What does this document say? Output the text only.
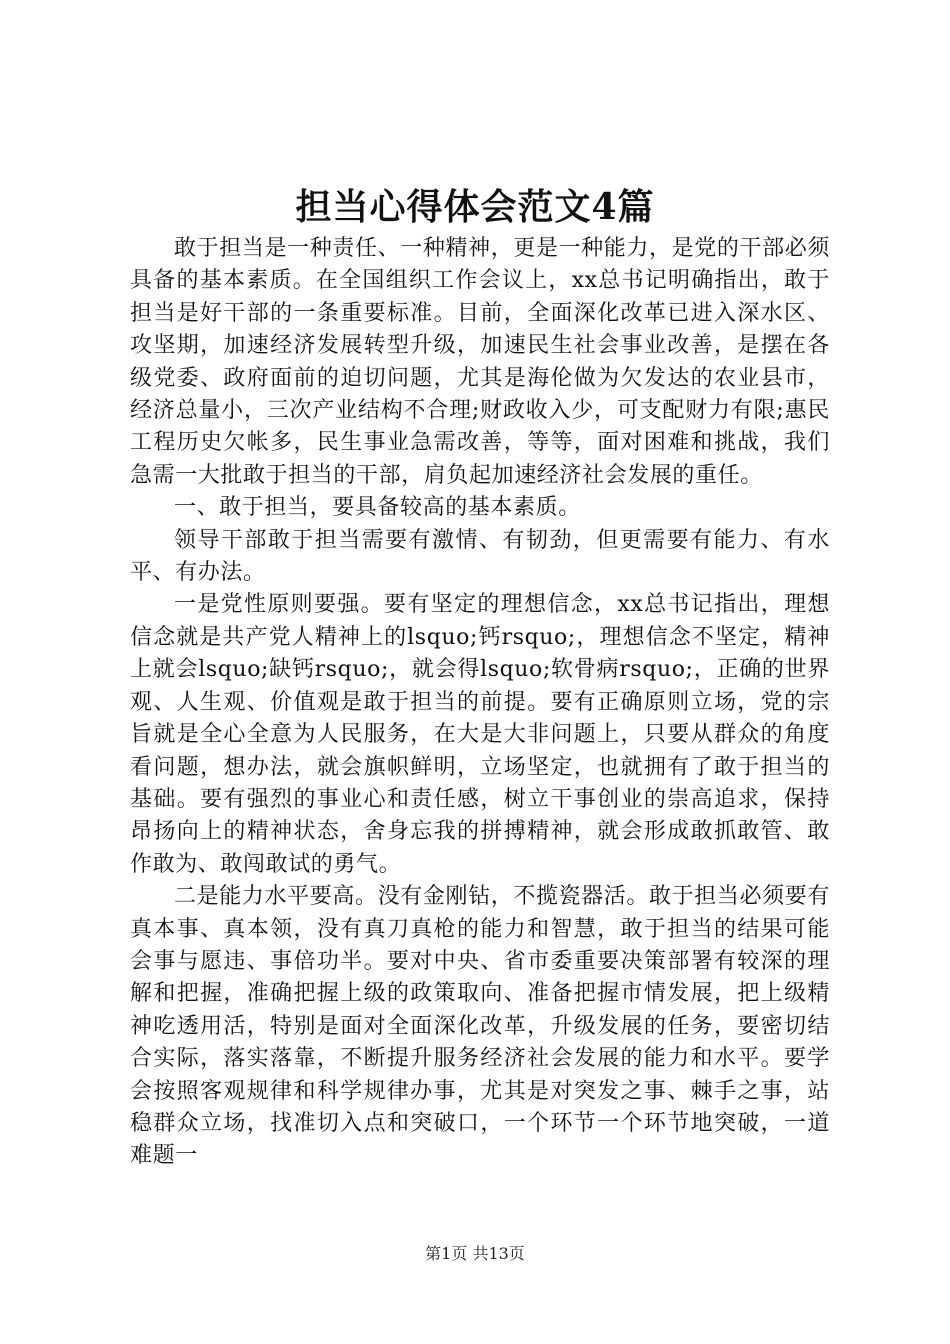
担当心得体会范文4篇

敢于担当是一种责任、一种精神，更是一种能力，是党的干部必须具备的基本素质。在全国组织工作会议上，xx总书记明确指出，敢于担当是好干部的一条重要标准。目前，全面深化改革已进入深水区、攻坚期，加速经济发展转型升级，加速民生社会事业改善，是摆在各级党委、政府面前的迫切问题，尤其是海伦做为欠发达的农业县市，经济总量小，三次产业结构不合理;财政收入少，可支配财力有限;惠民工程历史欠帐多，民生事业急需改善，等等，面对困难和挑战，我们急需一大批敢于担当的干部，肩负起加速经济社会发展的重任。

一、敢于担当，要具备较高的基本素质。

领导干部敢于担当需要有激情、有韧劲，但更需要有能力、有水平、有办法。

一是党性原则要强。要有坚定的理想信念，xx总书记指出，理想信念就是共产党人精神上的lsquo;钙rsquo;，理想信念不坚定，精神上就会lsquo;缺钙rsquo;，就会得lsquo;软骨病rsquo;，正确的世界观、人生观、价值观是敢于担当的前提。要有正确原则立场，党的宗旨就是全心全意为人民服务，在大是大非问题上，只要从群众的角度看问题，想办法，就会旗帜鲜明，立场坚定，也就拥有了敢于担当的基础。要有强烈的事业心和责任感，树立干事创业的崇高追求，保持昂扬向上的精神状态，舍身忘我的拼搏精神，就会形成敢抓敢管、敢作敢为、敢闯敢试的勇气。

二是能力水平要高。没有金刚钻，不揽瓷器活。敢于担当必须要有真本事、真本领，没有真刀真枪的能力和智慧，敢于担当的结果可能会事与愿违、事倍功半。要对中央、省市委重要决策部署有较深的理解和把握，准确把握上级的政策取向、准备把握市情发展，把上级精神吃透用活，特别是面对全面深化改革，升级发展的任务，要密切结合实际，落实落靠，不断提升服务经济社会发展的能力和水平。要学会按照客观规律和科学规律办事，尤其是对突发之事、棘手之事，站稳群众立场，找准切入点和突破口，一个环节一个环节地突破，一道难题一

第1页 共13页
